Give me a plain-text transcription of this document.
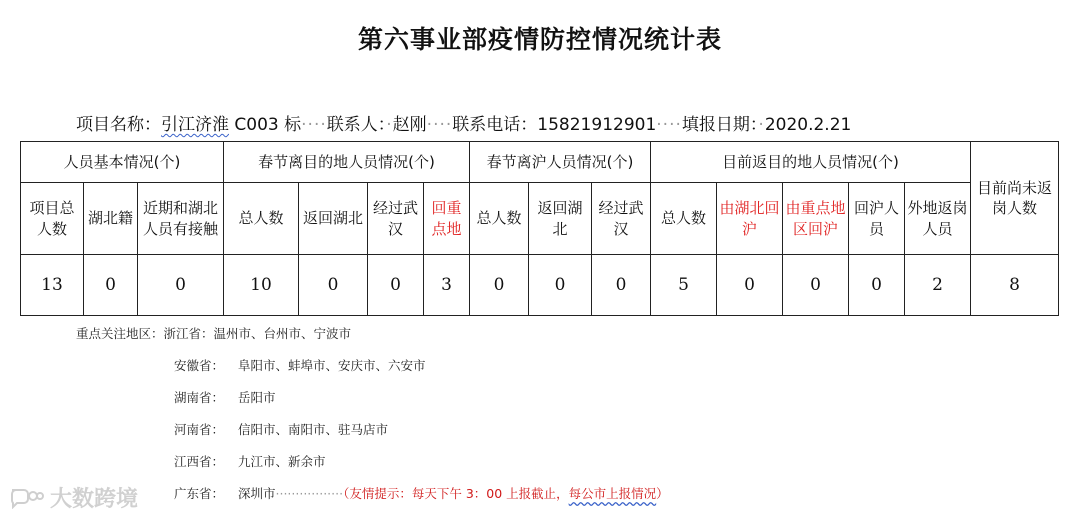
第六事业部疫情防控情况统计表
项目名称：引江济淮 C003 标····联系人：·赵刚····联系电话：15821912901····填报日期：·2020.2.21
人员基本情况(个)			春节离目的地人员情况(个)				春节离沪人员情况(个)			目前返目的地人员情况(个)					目前尚未返岗人数
项目总人数	湖北籍	近期和湖北人员有接触	总人数	返回湖北	经过武汉	回重点地	总人数	返回湖北	经过武汉	总人数	由湖北回沪	由重点地区回沪	回沪人员	外地返岗人员	
13	0	0	10	0	0	3	0	0	0	5	0	0	0	2	8
重点关注地区：浙江省：温州市、台州市、宁波市
安徽省： 阜阳市、蚌埠市、安庆市、六安市
湖南省： 岳阳市
河南省： 信阳市、南阳市、驻马店市
江西省： 九江市、新余市
广东省： 深圳市·················（友情提示：每天下午 3：00 上报截止，每公市上报情况）
大数跨境
